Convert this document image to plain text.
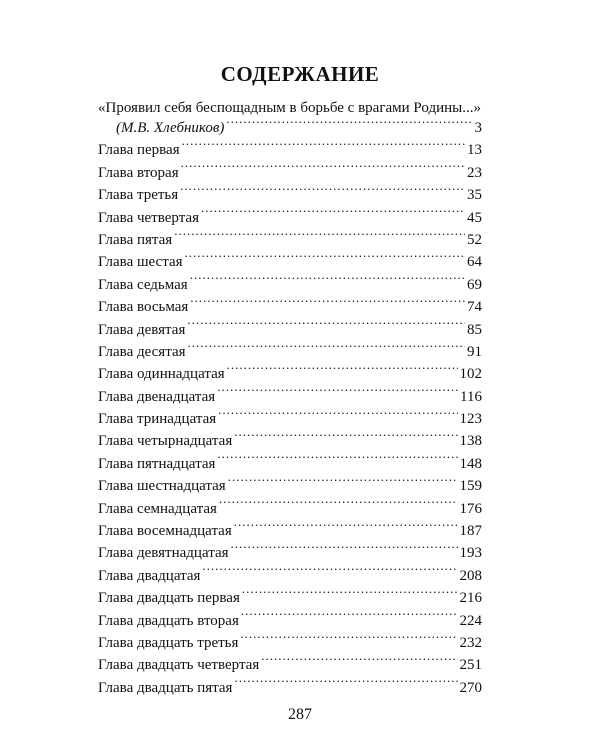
СОДЕРЖАНИЕ
«Проявил себя беспощадным в борьбе с врагами Родины...»
(М.В. Хлебников) .....	3
Глава первая .....	13
Глава вторая .....	23
Глава третья .....	35
Глава четвертая .....	45
Глава пятая .....	52
Глава шестая .....	64
Глава седьмая .....	69
Глава восьмая .....	74
Глава девятая .....	85
Глава десятая .....	91
Глава одиннадцатая .....	102
Глава двенадцатая .....	116
Глава тринадцатая .....	123
Глава четырнадцатая .....	138
Глава пятнадцатая .....	148
Глава шестнадцатая .....	159
Глава семнадцатая .....	176
Глава восемнадцатая .....	187
Глава девятнадцатая .....	193
Глава двадцатая .....	208
Глава двадцать первая .....	216
Глава двадцать вторая .....	224
Глава двадцать третья .....	232
Глава двадцать четвертая .....	251
Глава двадцать пятая .....	270
287
